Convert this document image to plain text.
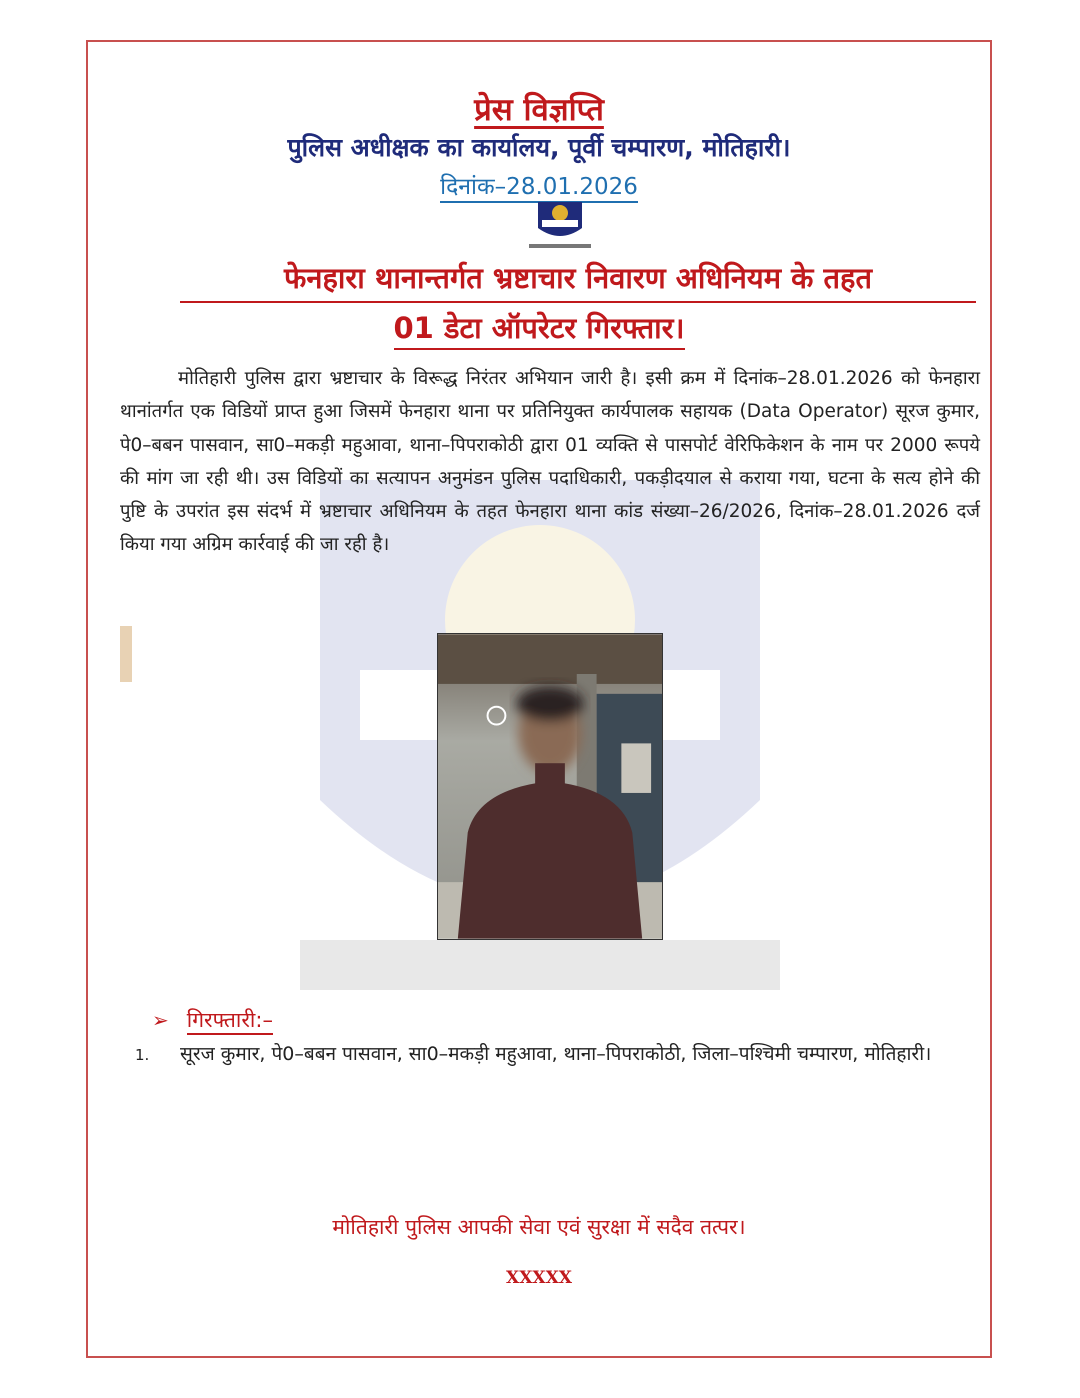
प्रेस विज्ञप्ति
पुलिस अधीक्षक का कार्यालय, पूर्वी चम्पारण, मोतिहारी।
दिनांक–28.01.2026
फेनहारा थानान्तर्गत भ्रष्टाचार निवारण अधिनियम के तहत
01 डेटा ऑपरेटर गिरफ्तार।

मोतिहारी पुलिस द्वारा भ्रष्टाचार के विरूद्ध निरंतर अभियान जारी है। इसी क्रम में दिनांक–28.01.2026 को फेनहारा थानांतर्गत एक विडियों प्राप्त हुआ जिसमें फेनहारा थाना पर प्रतिनियुक्त कार्यपालक सहायक (Data Operator) सूरज कुमार, पे0–बबन पासवान, सा0–मकड़ी महुआवा, थाना–पिपराकोठी द्वारा 01 व्यक्ति से पासपोर्ट वेरिफिकेशन के नाम पर 2000 रूपये की मांग जा रही थी। उस विडियों का सत्यापन अनुमंडन पुलिस पदाधिकारी, पकड़ीदयाल से कराया गया, घटना के सत्य होने की पुष्टि के उपरांत इस संदर्भ में भ्रष्टाचार अधिनियम के तहत फेनहारा थाना कांड संख्या–26/2026, दिनांक–28.01.2026 दर्ज किया गया अग्रिम कार्रवाई की जा रही है।

➢ गिरफ्तारी:–
1. सूरज कुमार, पे0–बबन पासवान, सा0–मकड़ी महुआवा, थाना–पिपराकोठी, जिला–पश्चिमी चम्पारण, मोतिहारी।
मोतिहारी पुलिस आपकी सेवा एवं सुरक्षा में सदैव तत्पर।
XXXXX
